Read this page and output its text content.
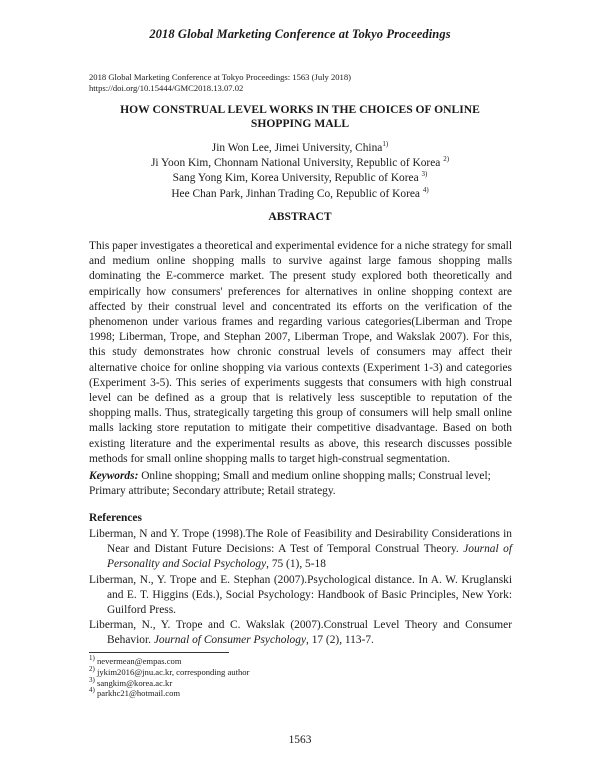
2018 Global Marketing Conference at Tokyo Proceedings
2018 Global Marketing Conference at Tokyo Proceedings: 1563 (July 2018)
https://doi.org/10.15444/GMC2018.13.07.02
HOW CONSTRUAL LEVEL WORKS IN THE CHOICES OF ONLINE
SHOPPING MALL
Jin Won Lee, Jimei University, China$^{1)}$
Ji Yoon Kim, Chonnam National University, Republic of Korea $^{2)}$
Sang Yong Kim, Korea University, Republic of Korea $^{3)}$
Hee Chan Park, Jinhan Trading Co, Republic of Korea $^{4)}$
ABSTRACT
This paper investigates a theoretical and experimental evidence for a niche strategy for small and medium online shopping malls to survive against large famous shopping malls dominating the E-commerce market. The present study explored both theoretically and empirically how consumers' preferences for alternatives in online shopping context are affected by their construal level and concentrated its efforts on the verification of the phenomenon under various frames and regarding various categories(Liberman and Trope 1998; Liberman, Trope, and Stephan 2007, Liberman Trope, and Wakslak 2007). For this, this study demonstrates how chronic construal levels of consumers may affect their alternative choice for online shopping via various contexts (Experiment 1-3) and categories (Experiment 3-5). This series of experiments suggests that consumers with high construal level can be defined as a group that is relatively less susceptible to reputation of the shopping malls. Thus, strategically targeting this group of consumers will help small online malls lacking store reputation to mitigate their competitive disadvantage. Based on both existing literature and the experimental results as above, this research discusses possible methods for small online shopping malls to target high-construal segmentation.
Keywords: Online shopping; Small and medium online shopping malls; Construal level; Primary attribute; Secondary attribute; Retail strategy.
References
Liberman, N and Y. Trope (1998).The Role of Feasibility and Desirability Considerations in Near and Distant Future Decisions: A Test of Temporal Construal Theory. Journal of Personality and Social Psychology, 75 (1), 5-18
Liberman, N., Y. Trope and E. Stephan (2007).Psychological distance. In A. W. Kruglanski and E. T. Higgins (Eds.), Social Psychology: Handbook of Basic Principles, New York: Guilford Press.
Liberman, N., Y. Trope and C. Wakslak (2007).Construal Level Theory and Consumer Behavior. Journal of Consumer Psychology, 17 (2), 113-7.
$^{1)}$ nevermean@empas.com
$^{2)}$ jykim2016@jnu.ac.kr, corresponding author
$^{3)}$ sangkim@korea.ac.kr
$^{4)}$ parkhc21@hotmail.com
1563
